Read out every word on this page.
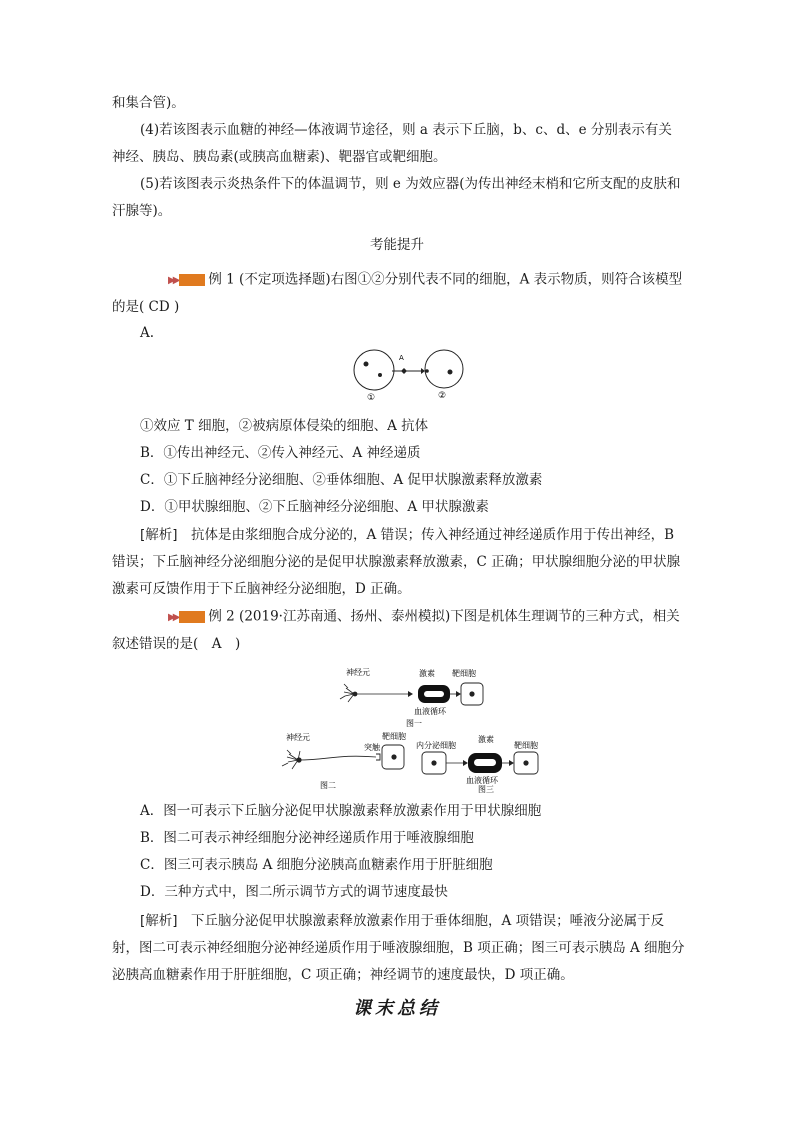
和集合管)。

(4)若该图表示血糖的神经—体液调节途径，则 a 表示下丘脑，b、c、d、e 分别表示有关神经、胰岛、胰岛素(或胰高血糖素)、靶器官或靶细胞。

(5)若该图表示炎热条件下的体温调节，则 e 为效应器(为传出神经末梢和它所支配的皮肤和汗腺等)。

考能提升

▶▶ 例 1 (不定项选择题)右图①②分别代表不同的细胞，A 表示物质，则符合该模型的是( CD )

A.

A
①	②

①效应 T 细胞，②被病原体侵染的细胞、A 抗体

B．①传出神经元、②传入神经元、A 神经递质

C．①下丘脑神经分泌细胞、②垂体细胞、A 促甲状腺激素释放激素

D．①甲状腺细胞、②下丘脑神经分泌细胞、A 甲状腺激素

[解析]　抗体是由浆细胞合成分泌的，A 错误；传入神经通过神经递质作用于传出神经，B 错误；下丘脑神经分泌细胞分泌的是促甲状腺激素释放激素，C 正确；甲状腺细胞分泌的甲状腺激素可反馈作用于下丘脑神经分泌细胞，D 正确。

▶▶ 例 2 (2019·江苏南通、扬州、泰州模拟)下图是机体生理调节的三种方式，相关叙述错误的是(　A　)

神经元	激素 靶细胞
血液循环
图一
神经元
突触
靶细胞
图二
内分泌细胞
激素
靶细胞
血液循环
图三

A．图一可表示下丘脑分泌促甲状腺激素释放激素作用于甲状腺细胞

B．图二可表示神经细胞分泌神经递质作用于唾液腺细胞

C．图三可表示胰岛 A 细胞分泌胰高血糖素作用于肝脏细胞

D．三种方式中，图二所示调节方式的调节速度最快

[解析]　下丘脑分泌促甲状腺激素释放激素作用于垂体细胞，A 项错误；唾液分泌属于反射，图二可表示神经细胞分泌神经递质作用于唾液腺细胞，B 项正确；图三可表示胰岛 A 细胞分泌胰高血糖素作用于肝脏细胞，C 项正确；神经调节的速度最快，D 项正确。

课末总结
